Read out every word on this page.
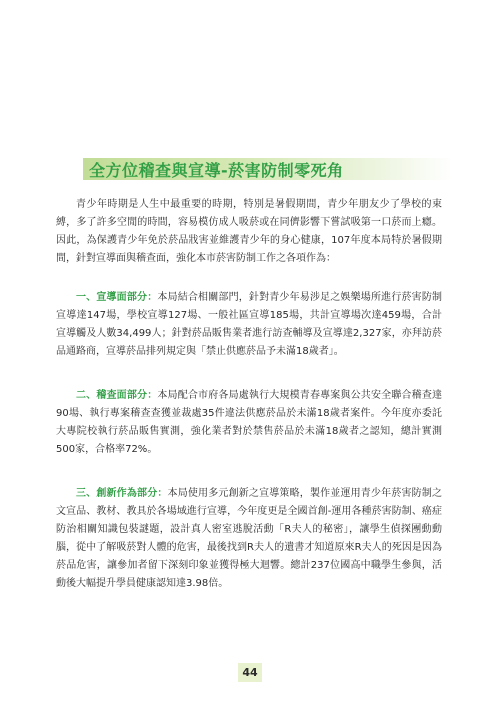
全方位稽查與宣導-菸害防制零死角

青少年時期是人生中最重要的時期，特別是暑假期間，青少年朋友少了學校的束縛，多了許多空閒的時間，容易模仿成人吸菸或在同儕影響下嘗試吸第一口菸而上癮。因此，為保護青少年免於菸品戕害並維護青少年的身心健康，107年度本局特於暑假期間，針對宣導面與稽查面，強化本市菸害防制工作之各項作為：

一、宣導面部分：本局結合相關部門，針對青少年易涉足之娛樂場所進行菸害防制宣導達147場，學校宣導127場、一般社區宣導185場，共計宣導場次達459場，合計宣導觸及人數34,499人；針對菸品販售業者進行訪查輔導及宣導達2,327家，亦拜訪菸品通路商，宣導菸品排列規定與「禁止供應菸品予未滿18歲者」。

二、稽查面部分：本局配合市府各局處執行大規模青春專案與公共安全聯合稽查達90場、執行專案稽查查獲並裁處35件違法供應菸品於未滿18歲者案件。今年度亦委託大專院校執行菸品販售實測，強化業者對於禁售菸品於未滿18歲者之認知，總計實測500家，合格率72%。

三、創新作為部分：本局使用多元創新之宣導策略，製作並運用青少年菸害防制之文宣品、教材、教具於各場域進行宣導，今年度更是全國首創-運用各種菸害防制、癌症防治相關知識包裝謎題，設計真人密室逃脫活動「R夫人的秘密」，讓學生偵探團動動腦，從中了解吸菸對人體的危害，最後找到R夫人的遺書才知道原來R夫人的死因是因為菸品危害，讓參加者留下深刻印象並獲得極大迴響。總計237位國高中職學生參與，活動後大幅提升學員健康認知達3.98倍。

44
